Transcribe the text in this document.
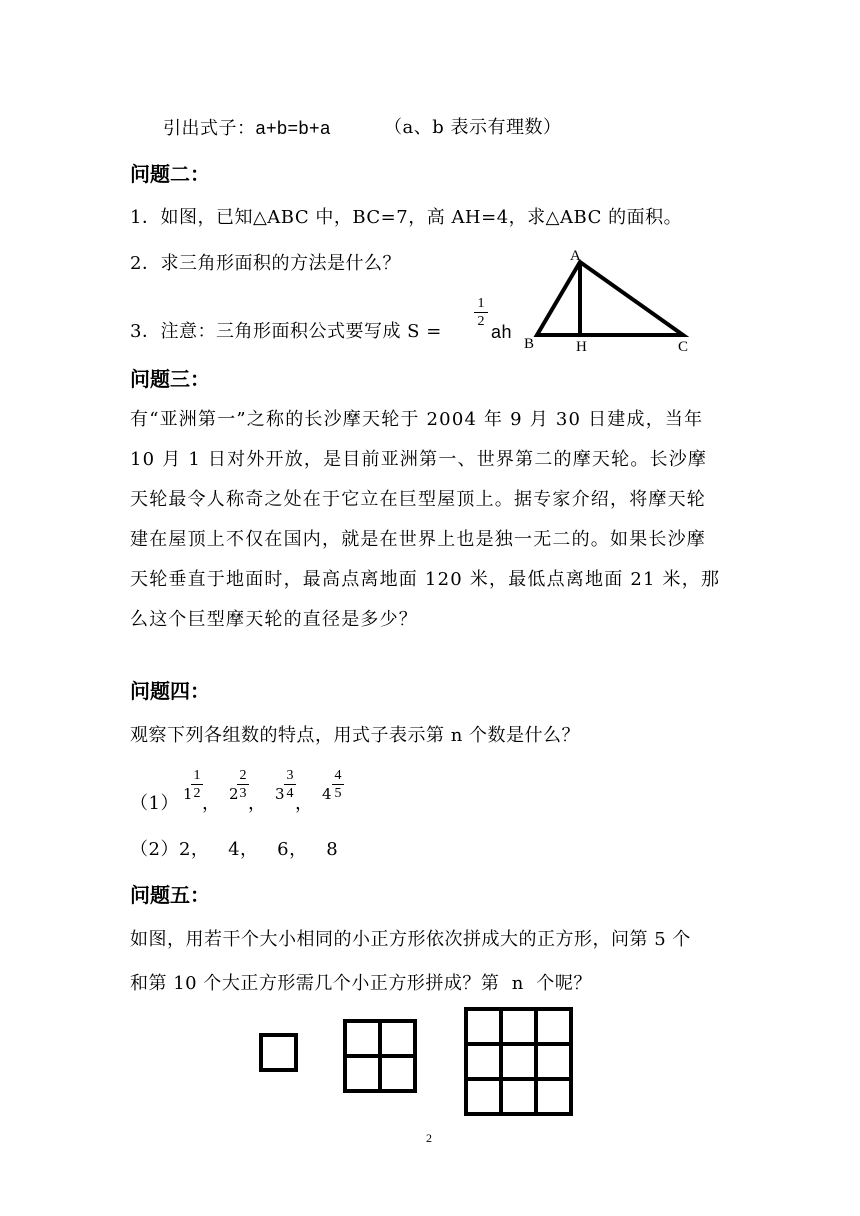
引出式子：a+b=b+a	（a、b 表示有理数）
问题二：
1．如图，已知△ABC 中，BC=7，高 AH=4，求△ABC 的面积。
2．求三角形面积的方法是什么？
3．注意：三角形面积公式要写成 S =
1
2
ah
A
B	H	C
问题三：
有“亚洲第一”之称的长沙摩天轮于 2004 年 9 月 30 日建成，当年
10 月 1 日对外开放，是目前亚洲第一、世界第二的摩天轮。长沙摩
天轮最令人称奇之处在于它立在巨型屋顶上。据专家介绍，将摩天轮
建在屋顶上不仅在国内，就是在世界上也是独一无二的。如果长沙摩
天轮垂直于地面时，最高点离地面 120 米，最低点离地面 21 米，那
么这个巨型摩天轮的直径是多少？
问题四：
观察下列各组数的特点，用式子表示第 n 个数是什么？
（1） 1
1
2 ， 2
2
3 ， 3
3
4 ， 4
4
5
（2）2，   4，   6，   8
问题五：
如图，用若干个大小相同的小正方形依次拼成大的正方形，问第 5 个
和第 10 个大正方形需几个小正方形拼成？第  n  个呢？
2
